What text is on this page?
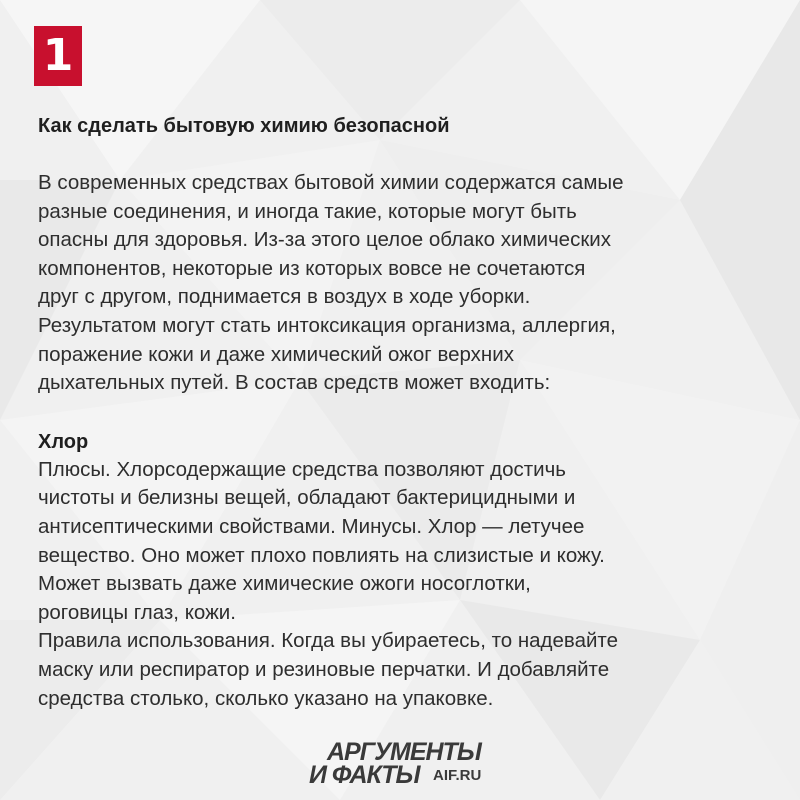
1

Как сделать бытовую химию безопасной

В современных средствах бытовой химии содержатся самые
разные соединения, и иногда такие, которые могут быть
опасны для здоровья. Из-за этого целое облако химических
компонентов, некоторые из которых вовсе не сочетаются
друг с другом, поднимается в воздух в ходе уборки.
Результатом могут стать интоксикация организма, аллергия,
поражение кожи и даже химический ожог верхних
дыхательных путей. В состав средств может входить:

Хлор

Плюсы. Хлорсодержащие средства позволяют достичь
чистоты и белизны вещей, обладают бактерицидными и
антисептическими свойствами. Минусы. Хлор — летучее
вещество. Оно может плохо повлиять на слизистые и кожу.
Может вызвать даже химические ожоги носоглотки,
роговицы глаз, кожи.
Правила использования. Когда вы убираетесь, то надевайте
маску или респиратор и резиновые перчатки. И добавляйте
средства столько, сколько указано на упаковке.
АРГУМЕНТЫ
И ФАКТЫ AIF.RU
